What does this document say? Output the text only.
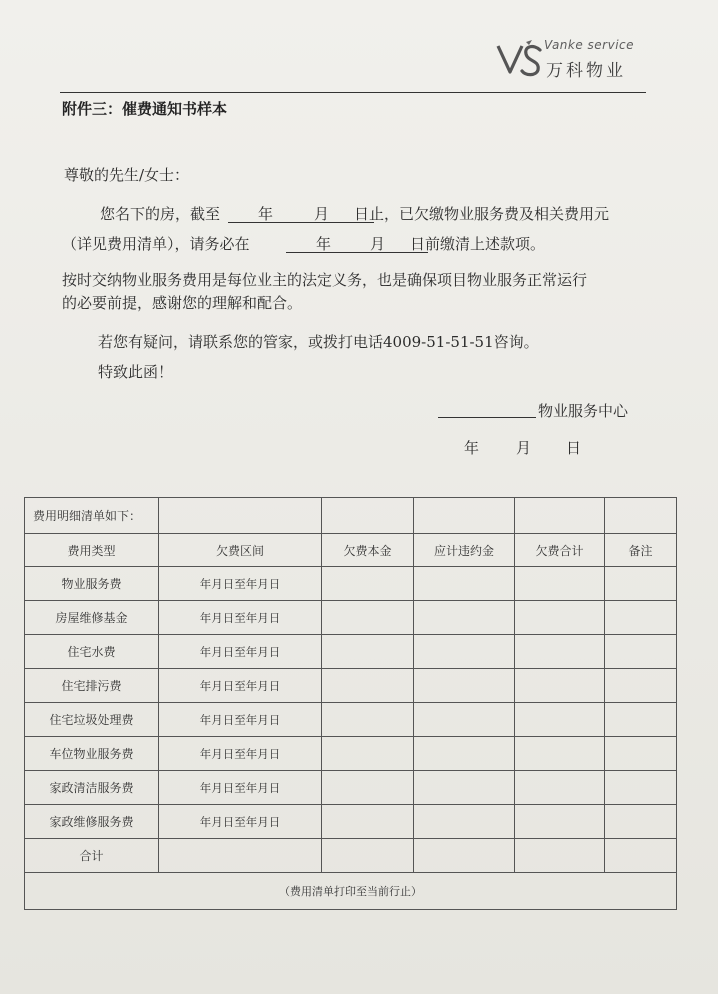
Vanke service
万科物业
附件三：催费通知书样本
尊敬的先生/女士：
您名下的房，截至	年	月 日止，已欠缴物业服务费及相关费用元
（详见费用清单），请务必在	年	月 日前缴清上述款项。
按时交纳物业服务费用是每位业主的法定义务，也是确保项目物业服务正常运行
的必要前提，感谢您的理解和配合。
若您有疑问，请联系您的管家，或拨打电话4009-51-51-51咨询。
特致此函！
物业服务中心
年 月 日
费用明细清单如下：					
费用类型	欠费区间	欠费本金	应计违约金	欠费合计	备注
物业服务费	年月日至年月日				
房屋维修基金	年月日至年月日				
住宅水费	年月日至年月日				
住宅排污费	年月日至年月日				
住宅垃圾处理费	年月日至年月日				
车位物业服务费	年月日至年月日				
家政清洁服务费	年月日至年月日				
家政维修服务费	年月日至年月日				
合计					
（费用清单打印至当前行止）					
